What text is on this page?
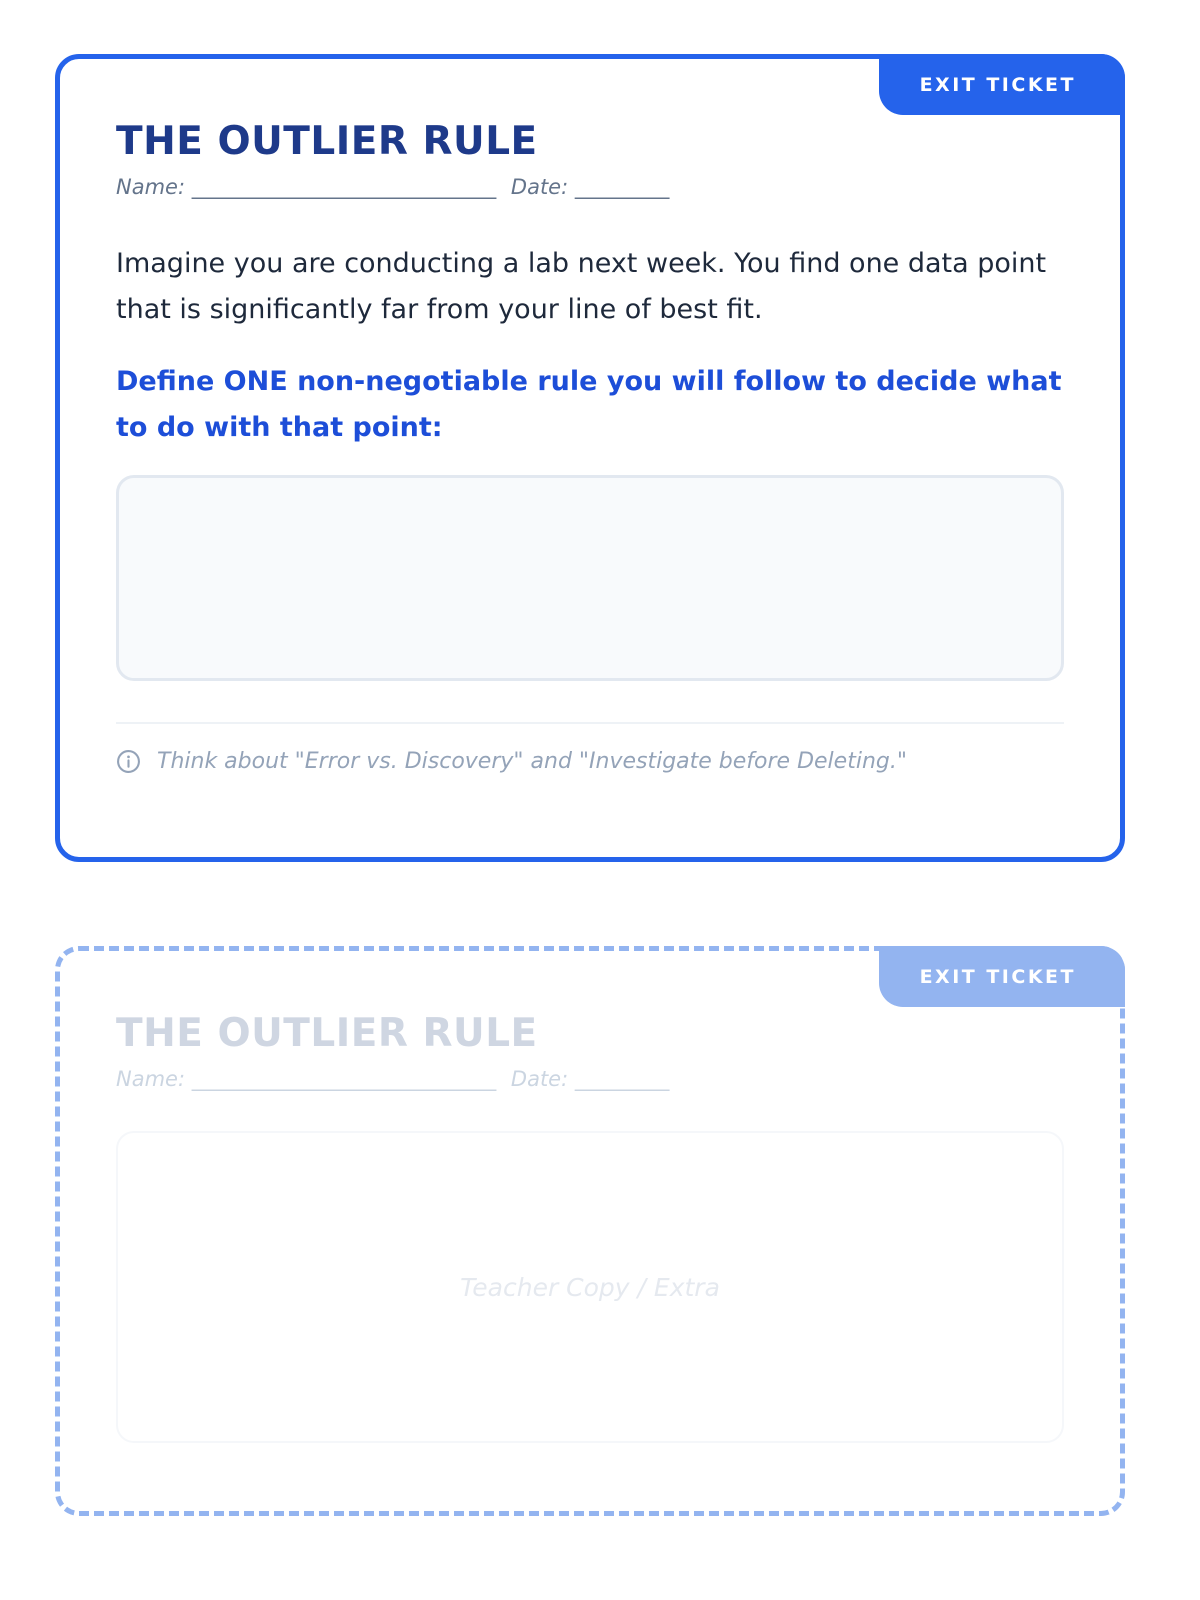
EXIT TICKET
THE OUTLIER RULE
Name: _____________________________ Date: _________

Imagine you are conducting a lab next week. You find one data point that is significantly far from your line of best fit.

Define ONE non-negotiable rule you will follow to decide what to do with that point:

Think about "Error vs. Discovery" and "Investigate before Deleting."
EXIT TICKET
THE OUTLIER RULE
Name: _____________________________ Date: _________
Teacher Copy / Extra
